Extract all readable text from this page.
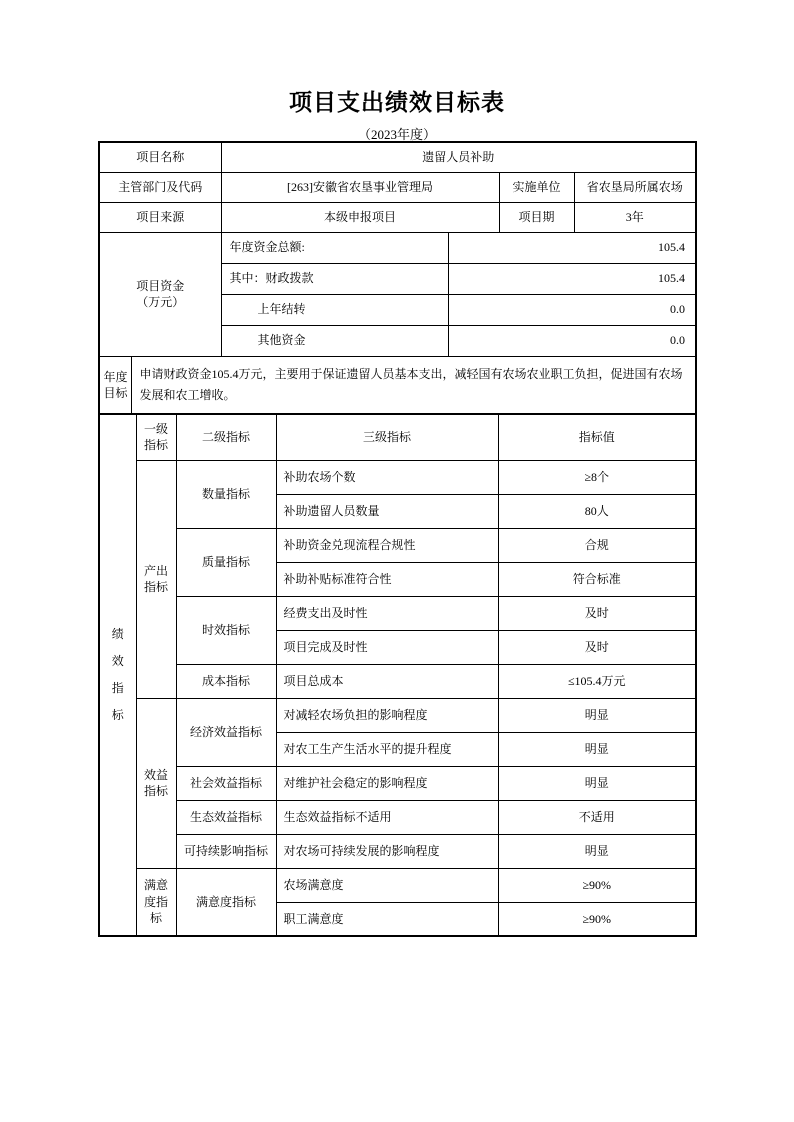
项目支出绩效目标表
（2023年度）
项目名称		遗留人员补助			
主管部门及代码		[263]安徽省农垦事业管理局		实施单位	省农垦局所属农场
项目来源		本级申报项目		项目期	3年

项目资金
（万元）		年度资金总额:	105.4		
		其中：财政拨款	105.4		
		上年结转	0.0		
		其他资金	0.0		

年度目标	申请财政资金105.4万元，主要用于保证遗留人员基本支出，减轻国有农场农业职工负担，促进国有农场发展和农工增收。				
绩效指标	一级指标	二级指标	三级指标	指标值

	产出指标	数量指标	补助农场个数	≥8个
			补助遗留人员数量	80人
		质量指标	补助资金兑现流程合规性	合规
			补助补贴标准符合性	符合标准
		时效指标	经费支出及时性	及时
			项目完成及时性	及时
		成本指标	项目总成本	≤105.4万元

	效益指标	经济效益指标	对减轻农场负担的影响程度	明显
			对农工生产生活水平的提升程度	明显
		社会效益指标	对维护社会稳定的影响程度	明显
		生态效益指标	生态效益指标不适用	不适用
		可持续影响指标	对农场可持续发展的影响程度	明显

	满意度指标	满意度指标	农场满意度	≥90%
			职工满意度	≥90%
